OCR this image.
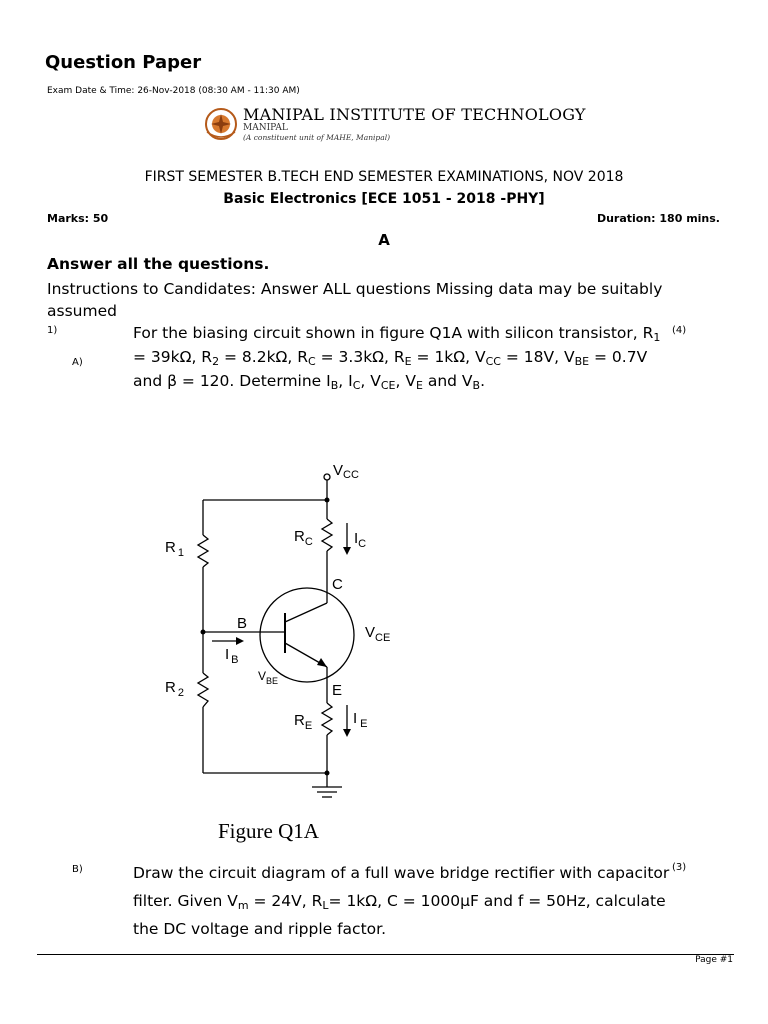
Question Paper
Exam Date & Time: 26-Nov-2018 (08:30 AM - 11:30 AM)
MANIPAL INSTITUTE OF TECHNOLOGY
MANIPAL
(A constituent unit of MAHE, Manipal)
FIRST SEMESTER B.TECH END SEMESTER EXAMINATIONS, NOV 2018
Basic Electronics [ECE 1051 - 2018 -PHY]
Marks: 50	Duration: 180 mins.
A
Answer all the questions.
Instructions to Candidates: Answer ALL questions Missing data may be suitably assumed
1)
A)
(4)
For the biasing circuit shown in figure Q1A with silicon transistor, $R_1 = 39k\Omega$, $R_2 = 8.2k\Omega$, $R_C = 3.3k\Omega$, $R_E = 1k\Omega$, $V_{CC} = 18V$, $V_{BE} = 0.7V$ and β = 120. Determine $I_B$, $I_C$, $V_{CE}$, $V_E$ and $V_B$.
$V_{CC}$
$R_C$	$I_C$
C
R $_1$
B
I $_B$
$V_{CE}$
$V_{BE}$
E
R $_2$
$R_E$	I $_E$
Figure Q1A
B)	(3)
Draw the circuit diagram of a full wave bridge rectifier with capacitor filter. Given $V_m = 24V$, $R_L= 1k\Omega$, C = 1000μF and f = 50Hz, calculate the DC voltage and ripple factor.
Page #1
